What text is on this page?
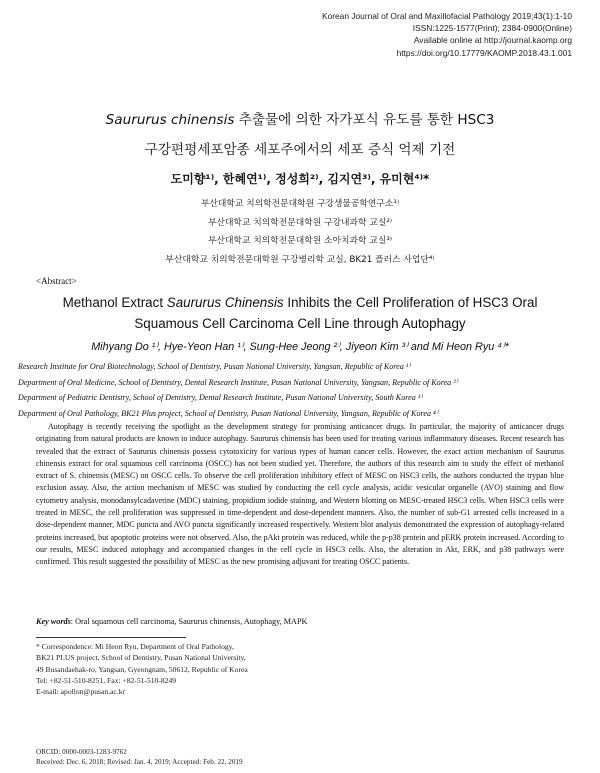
Korean Journal of Oral and Maxillofacial Pathology 2019;43(1):1-10
ISSN:1225-1577(Print); 2384-0900(Online)
Available online at http://journal.kaomp.org
https://doi.org/10.17779/KAOMP.2018.43.1.001
Saururus chinensis 추출물에 의한 자가포식 유도를 통한 HSC3
구강편평세포암종 세포주에서의 세포 증식 억제 기전
도미향¹⁾, 한혜연¹⁾, 정성희²⁾, 김지연³⁾, 유미현⁴⁾*
부산대학교 치의학전문대학원 구강생물공학연구소¹⁾
부산대학교 치의학전문대학원 구강내과학 교실²⁾
부산대학교 치의학전문대학원 소아치과학 교실³⁾
부산대학교 치의학전문대학원 구강병리학 교실, BK21 플러스 사업단⁴⁾
<Abstract>
Methanol Extract Saururus Chinensis Inhibits the Cell Proliferation of HSC3 Oral
Squamous Cell Carcinoma Cell Line through Autophagy
Mihyang Do ¹⁾, Hye-Yeon Han ¹⁾, Sung-Hee Jeong ²⁾, Jiyeon Kim ³⁾ and Mi Heon Ryu ⁴⁾*
Research Institute for Oral Biotechnology, School of Dentistry, Pusan National University, Yangsan, Republic of Korea ¹⁾
Department of Oral Medicine, School of Dentistry, Dental Research Institute, Pusan National University, Yangsan, Republic of Korea ²⁾
Department of Pediatric Dentistry, School of Dentistry, Dental Research Institute, Pusan National University, South Korea ³⁾
Department of Oral Pathology, BK21 Plus project, School of Dentistry, Pusan National University, Yangsan, Republic of Korea ⁴⁾
Autophagy is recently receiving the spotlight as the development strategy for promising anticancer drugs. In particular, the majority of anticancer drugs originating from natural products are known to induce autophagy. Saururus chinensis has been used for treating various inflammatory diseases. Recent research has revealed that the extract of Saururus chinensis possess cytotoxicity for various types of human cancer cells. However, the exact action mechanism of Saururus chinensis extract for oral squamous cell carcinoma (OSCC) has not been studied yet. Therefore, the authors of this research aim to study the effect of methanol extract of S. chinensis (MESC) on OSCC cells. To observe the cell proliferation inhibitory effect of MESC on HSC3 cells, the authors conducted the trypan blue exclusion assay. Also, the action mechanism of MESC was studied by conducting the cell cycle analysis, acidic vesicular organelle (AVO) staining and flow cytometry analysis, monodansylcadaverine (MDC) staining, propidium iodide staining, and Western blotting on MESC-treated HSC3 cells. When HSC3 cells were treated in MESC, the cell proliferation was suppressed in time-dependent and dose-dependent manners. Also, the number of sub-G1 arrested cells increased in a dose-dependent manner, MDC puncta and AVO puncta significantly increased respectively. Western blot analysis demonstrated the expression of autophagy-related proteins increased, but apoptotic proteins were not observed. Also, the pAkt protein was reduced, while the p-p38 protein and pERK protein increased. According to our results, MESC induced autophagy and accompanied changes in the cell cycle in HSC3 cells. Also, the alteration in Akt, ERK, and p38 pathways were confirmed. This result suggested the possibility of MESC as the new promising adjuvant for treating OSCC patients.
Key words: Oral squamous cell carcinoma, Saururus chinensis, Autophagy, MAPK
* Correspondence: Mi Heon Ryu, Department of Oral Pathology,
BK21 PLUS project, School of Dentistry, Pusan National University,
49 Busandaehak-ro, Yangsan, Gyeongnam, 50612, Republic of Korea
Tel: +82-51-510-8251, Fax: +82-51-510-8249
E-mail: apollon@pusan.ac.kr
ORCID: 0000-0003-1283-9762
Received: Dec. 6, 2018; Revised: Jan. 4, 2019; Accepted: Feb. 22, 2019
